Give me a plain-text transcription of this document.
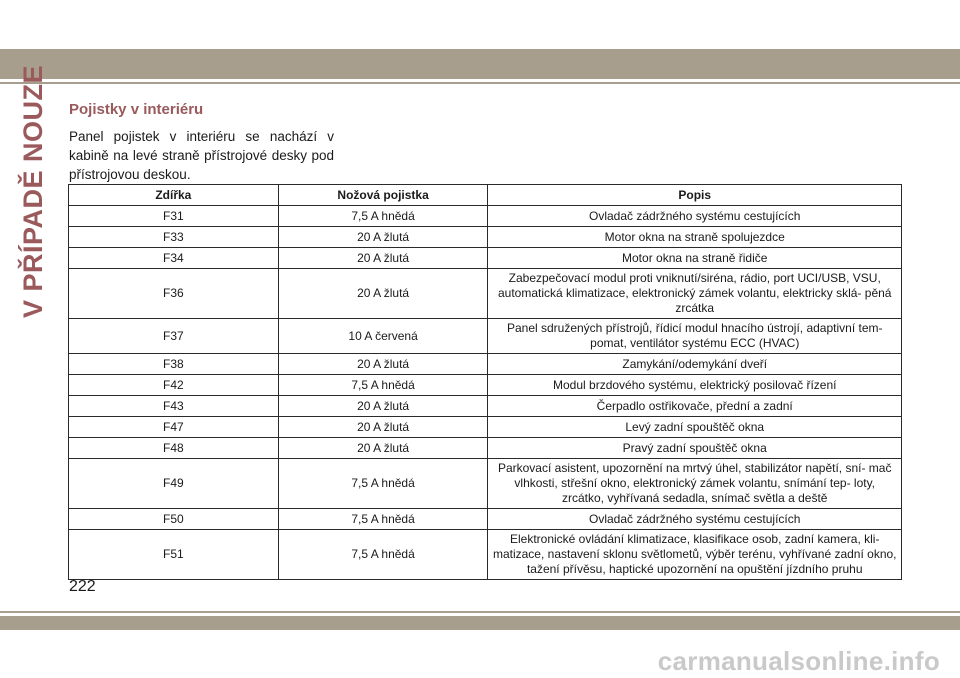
V PŘÍPADĚ NOUZE Pojistky v interiéru
Panel pojistek v interiéru se nachází v kabině na levé straně přístrojové desky pod přístrojovou deskou.
Zdířka	Nožová pojistka	Popis
F31	7,5 A hnědá	Ovladač zádržného systému cestujících
F33	20 A žlutá	Motor okna na straně spolujezdce
F34	20 A žlutá	Motor okna na straně řidiče
F36	20 A žlutá	Zabezpečovací modul proti vniknutí/siréna, rádio, port UCI/USB, VSU, automatická klimatizace, elektronický zámek volantu, elektricky sklá- pěná zrcátka
F37	10 A červená	Panel sdružených přístrojů, řídicí modul hnacího ústrojí, adaptivní tem- pomat, ventilátor systému ECC (HVAC)
F38	20 A žlutá	Zamykání/odemykání dveří
F42	7,5 A hnědá	Modul brzdového systému, elektrický posilovač řízení
F43	20 A žlutá	Čerpadlo ostřikovače, přední a zadní
F47	20 A žlutá	Levý zadní spouštěč okna
F48	20 A žlutá	Pravý zadní spouštěč okna
F49	7,5 A hnědá	Parkovací asistent, upozornění na mrtvý úhel, stabilizátor napětí, sní- mač vlhkosti, střešní okno, elektronický zámek volantu, snímání tep- loty, zrcátko, vyhřívaná sedadla, snímač světla a deště
F50	7,5 A hnědá	Ovladač zádržného systému cestujících
F51	7,5 A hnědá	Elektronické ovládání klimatizace, klasifikace osob, zadní kamera, kli- matizace, nastavení sklonu světlometů, výběr terénu, vyhřívané zadní okno, tažení přívěsu, haptické upozornění na opuštění jízdního pruhu
222
carmanualsonline.info
